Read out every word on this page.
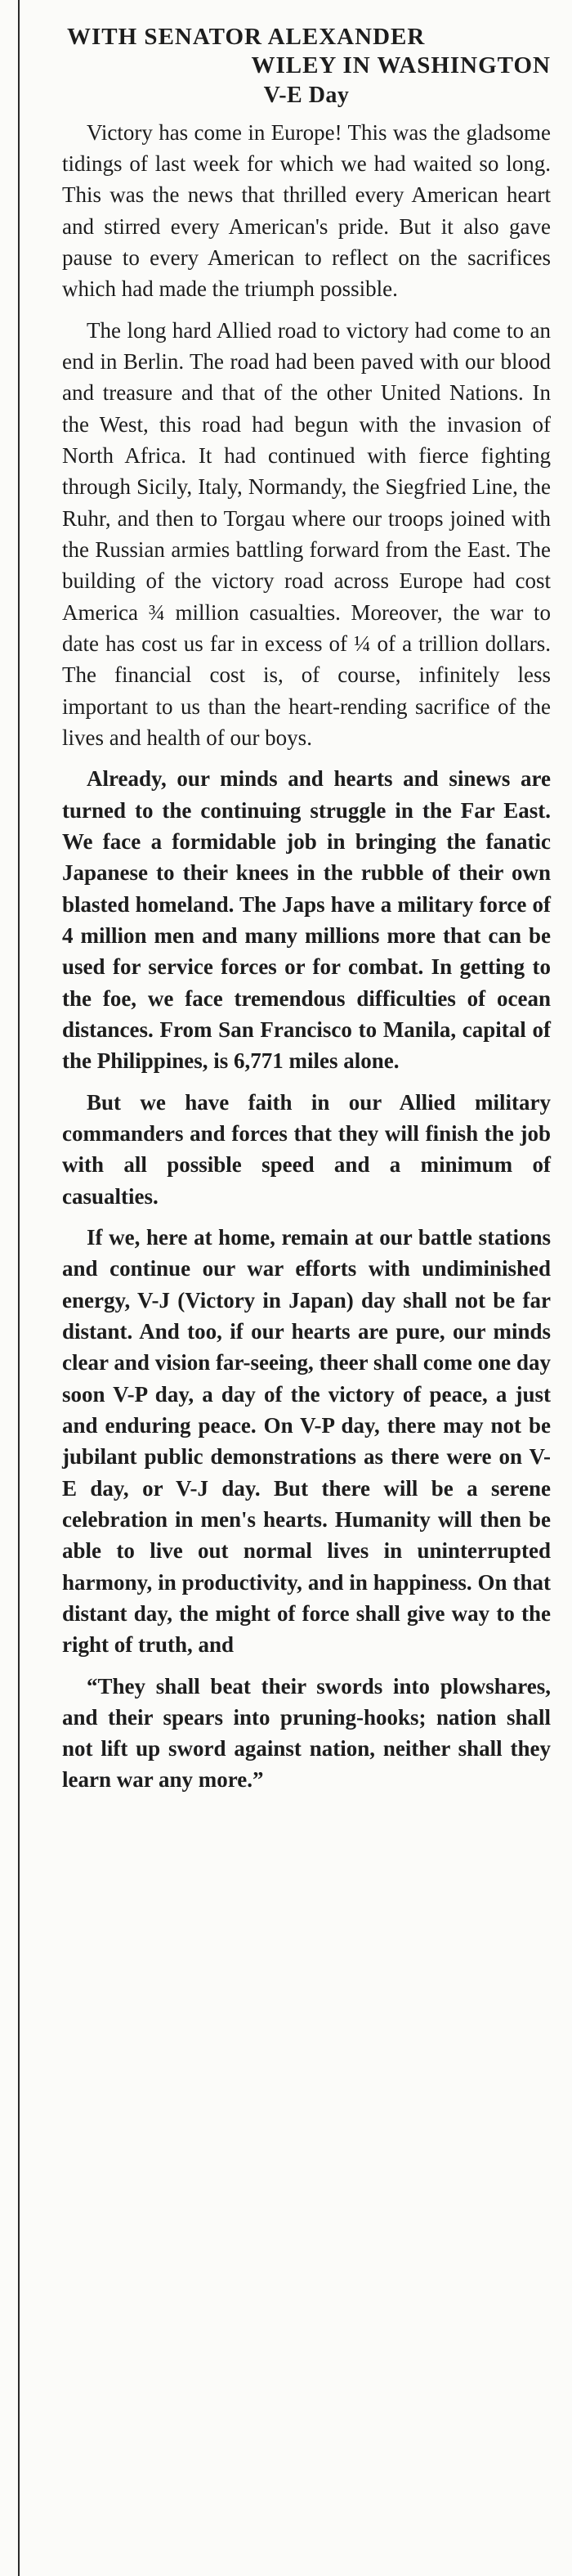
WITH SENATOR ALEXANDER
WILEY IN WASHINGTON
V-E Day

Victory has come in Europe! This was the gladsome tidings of last week for which we had waited so long. This was the news that thrilled every American heart and stirred every American's pride. But it also gave pause to every American to reflect on the sacrifices which had made the triumph possible.

The long hard Allied road to victory had come to an end in Berlin. The road had been paved with our blood and treasure and that of the other United Nations. In the West, this road had begun with the invasion of North Africa. It had continued with fierce fighting through Sicily, Italy, Normandy, the Siegfried Line, the Ruhr, and then to Torgau where our troops joined with the Russian armies battling forward from the East. The building of the victory road across Europe had cost America ¾ million casualties. Moreover, the war to date has cost us far in excess of ¼ of a trillion dollars. The financial cost is, of course, infinitely less important to us than the heart-rending sacrifice of the lives and health of our boys.

Already, our minds and hearts and sinews are turned to the continuing struggle in the Far East. We face a formidable job in bringing the fanatic Japanese to their knees in the rubble of their own blasted homeland. The Japs have a military force of 4 million men and many millions more that can be used for service forces or for combat. In getting to the foe, we face tremendous difficulties of ocean distances. From San Francisco to Manila, capital of the Philippines, is 6,771 miles alone.

But we have faith in our Allied military commanders and forces that they will finish the job with all possible speed and a minimum of casualties.

If we, here at home, remain at our battle stations and continue our war efforts with undiminished energy, V-J (Victory in Japan) day shall not be far distant. And too, if our hearts are pure, our minds clear and vision far-seeing, theer shall come one day soon V-P day, a day of the victory of peace, a just and enduring peace. On V-P day, there may not be jubilant public demonstrations as there were on V-E day, or V-J day. But there will be a serene celebration in men's hearts. Humanity will then be able to live out normal lives in uninterrupted harmony, in productivity, and in happiness. On that distant day, the might of force shall give way to the right of truth, and

“They shall beat their swords into plowshares, and their spears into pruning-hooks; nation shall not lift up sword against nation, neither shall they learn war any more.”
